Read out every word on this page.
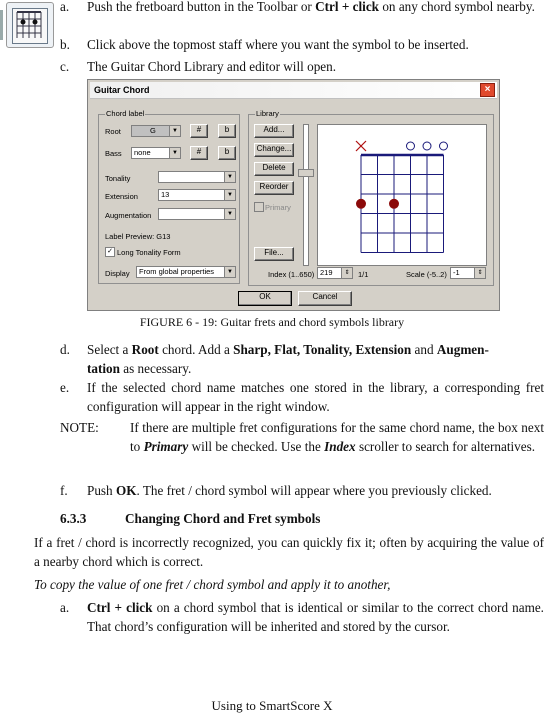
a.	Push the fretboard button in the Toolbar or Ctrl + click on any chord symbol nearby.
b.	Click above the topmost staff where you want the symbol to be inserted.
c.	The Guitar Chord Library and editor will open.
Guitar Chord	×
Chord label
Root	G	▼	#	b
Bass	none	▼	#	b
Tonality	▼
Extension	13	▼
Augmentation	▼
Label Preview: G13
✓ Long Tonality Form
Display	From global properties	▼
Library
Add...
Change...
Delete
Reorder
Primary
File...
Index (1..650) 219	⇕	1/1	Scale (-5..2) -1	⇕
OK	Cancel
FIGURE 6 - 19: Guitar frets and chord symbols library
d.	Select a Root chord. Add a Sharp, Flat, Tonality, Extension and Augmen-
tation as necessary.
e.	If the selected chord name matches one stored in the library, a corresponding fret configuration will appear in the right window.
NOTE: If there are multiple fret configurations for the same chord name, the box next to Primary will be checked. Use the Index scroller to search for alternatives.
f.	Push OK. The fret / chord symbol will appear where you previously clicked.
6.3.3	Changing Chord and Fret symbols
If a fret / chord is incorrectly recognized, you can quickly fix it; often by acquiring the value of a nearby chord which is correct.
To copy the value of one fret / chord symbol and apply it to another,
a.	Ctrl + click on a chord symbol that is identical or similar to the correct chord name. That chord’s configuration will be inherited and stored by the cursor.
Using to SmartScore X
